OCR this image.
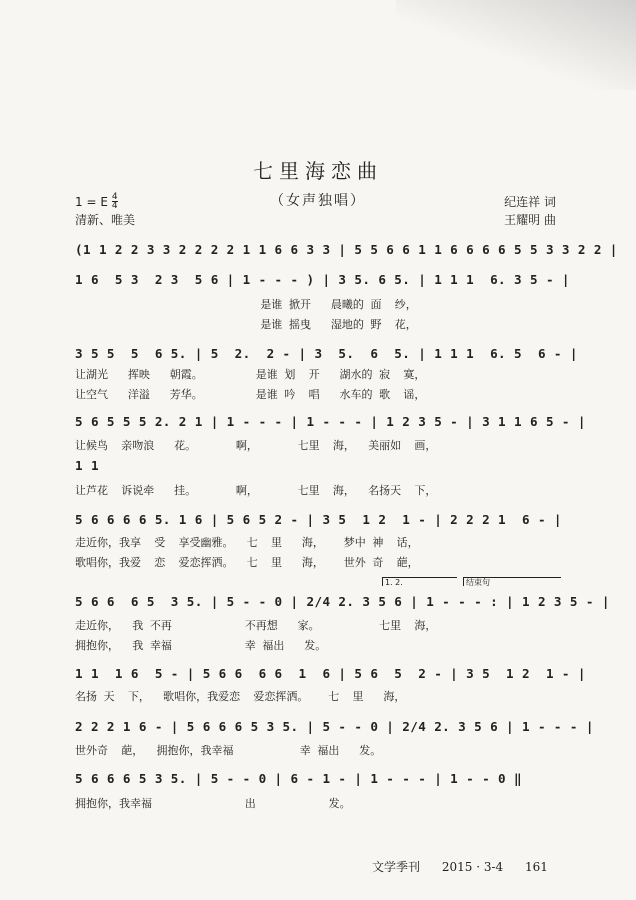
七里海恋曲
（女声独唱）
1 = E $\frac{4}{4}$
清新、唯美
纪连祥 词
王耀明 曲
(1 1 2 2 3 3 2 2 2 2 1 1 6 6 3 3 | 5 5 6 6 1 1 6 6 6 6 5 5 3 3 2 2 |
1 6  5 3  2 3  5 6 | 1 - - - ) | 3 5. 6 5. | 1 1 1  6. 3 5 - |
是谁 掀开   晨曦的 面  纱，
是谁 摇曳   湿地的 野  花，
3 5 5  5  6 5. | 5  2.  2 - | 3  5.  6  5. | 1 1 1  6. 5  6 - |
让湖光   挥映   朝霞。        是谁 划  开   湖水的 寂  寞，
让空气   洋溢   芳华。        是谁 吟  唱   水车的 歌  谣，
5 6 5 5 5 2. 2 1 | 1 - - - | 1 - - - | 1 2 3 5 - | 3 1 1 6 5 - |
让候鸟  亲吻浪   花。      啊，      七里  海，  美丽如  画，
1 1
让芦花  诉说牵   挂。      啊，      七里  海，  名扬天  下，
5 6 6 6 6 5. 1 6 | 5 6 5 2 - | 3 5  1 2  1 - | 2 2 2 1  6 - |
走近你，我享  受  享受幽雅。  七  里   海，   梦中 神  话，
歌唱你，我爱  恋  爱恋挥洒。  七  里   海，   世外 奇  葩，
1. 2.	结束句
5 6 6  6 5  3 5. | 5 - - 0 | 2/4 2. 3 5 6 | 1 - - - : | 1 2 3 5 - |
走近你，  我 不再           不再想   家。         七里  海，
拥抱你，  我 幸福           幸 福出   发。
1 1  1 6  5 - | 5 6 6  6 6  1  6 | 5 6  5  2 - | 3 5  1 2  1 - |
名扬 天  下，  歌唱你，我爱恋  爱恋挥洒。   七  里   海，
2 2 2 1 6 - | 5 6 6 6 5 3 5. | 5 - - 0 | 2/4 2. 3 5 6 | 1 - - - |
世外奇  葩，  拥抱你，我幸福          幸 福出   发。
5 6 6 6 5 3 5. | 5 - - 0 | 6 - 1 - | 1 - - - | 1 - - 0 ‖
拥抱你，我幸福              出           发。
文学季刊 2015 · 3-4 161
